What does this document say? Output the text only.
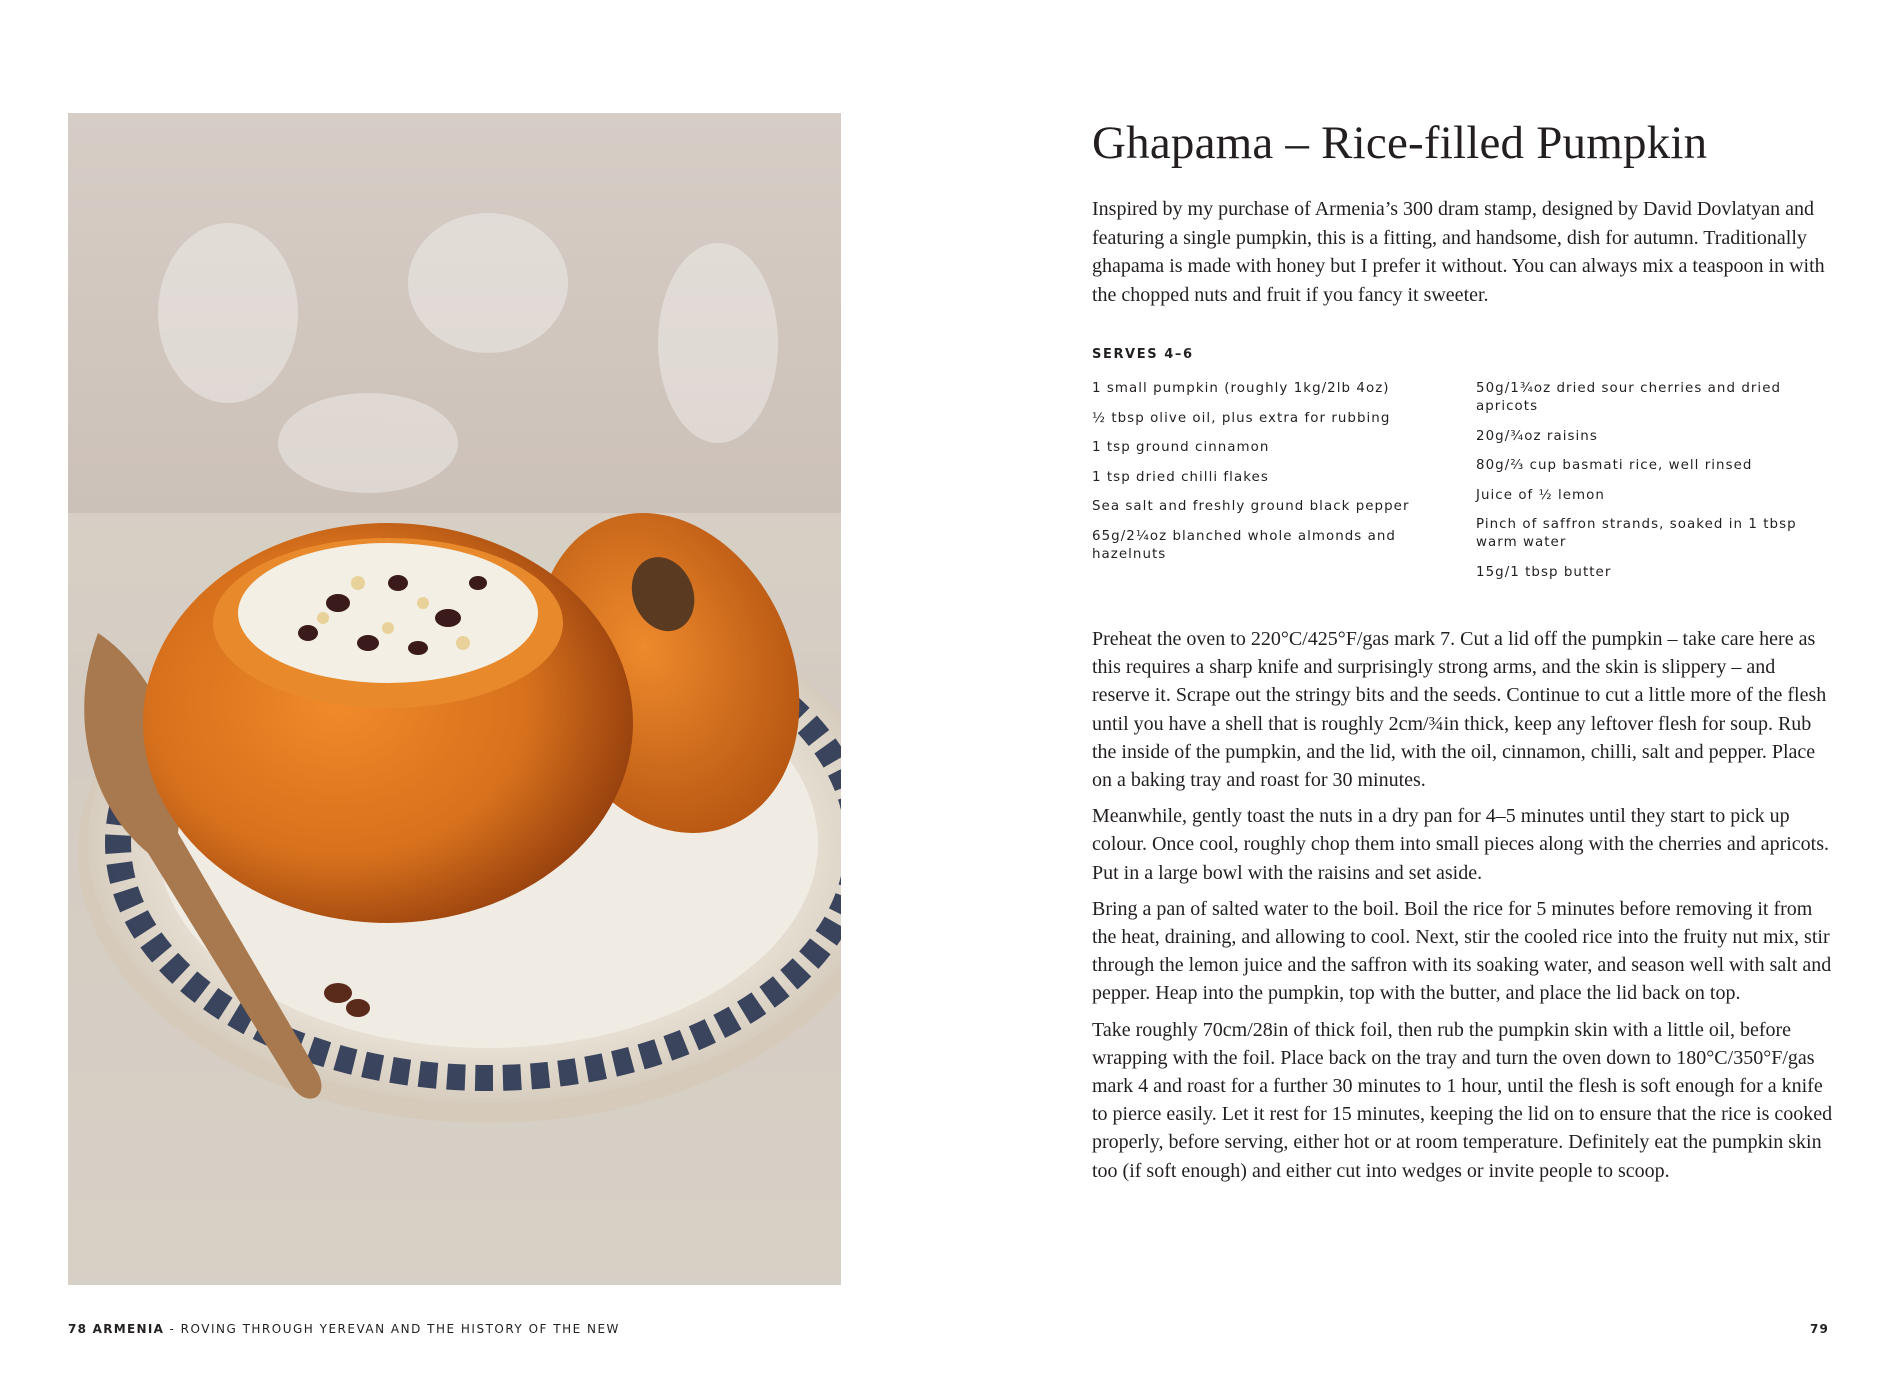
Ghapama – Rice-filled Pumpkin

Inspired by my purchase of Armenia’s 300 dram stamp, designed by David Dovlatyan and featuring a single pumpkin, this is a fitting, and handsome, dish for autumn. Traditionally ghapama is made with honey but I prefer it without. You can always mix a teaspoon in with the chopped nuts and fruit if you fancy it sweeter.

SERVES 4–6
1 small pumpkin (roughly 1kg/2lb 4oz)
½ tbsp olive oil, plus extra for rubbing
1 tsp ground cinnamon
1 tsp dried chilli flakes
Sea salt and freshly ground black pepper
65g/2¼oz blanched whole almonds and hazelnuts
50g/1¾oz dried sour cherries and dried apricots
20g/¾oz raisins
80g/⅔ cup basmati rice, well rinsed
Juice of ½ lemon
Pinch of saffron strands, soaked in 1 tbsp warm water
15g/1 tbsp butter

Preheat the oven to 220°C/425°F/gas mark 7. Cut a lid off the pumpkin – take care here as this requires a sharp knife and surprisingly strong arms, and the skin is slippery – and reserve it. Scrape out the stringy bits and the seeds. Continue to cut a little more of the flesh until you have a shell that is roughly 2cm/¾in thick, keep any leftover flesh for soup. Rub the inside of the pumpkin, and the lid, with the oil, cinnamon, chilli, salt and pepper. Place on a baking tray and roast for 30 minutes.

Meanwhile, gently toast the nuts in a dry pan for 4–5 minutes until they start to pick up colour. Once cool, roughly chop them into small pieces along with the cherries and apricots. Put in a large bowl with the raisins and set aside.

Bring a pan of salted water to the boil. Boil the rice for 5 minutes before removing it from the heat, draining, and allowing to cool. Next, stir the cooled rice into the fruity nut mix, stir through the lemon juice and the saffron with its soaking water, and season well with salt and pepper. Heap into the pumpkin, top with the butter, and place the lid back on top.

Take roughly 70cm/28in of thick foil, then rub the pumpkin skin with a little oil, before wrapping with the foil. Place back on the tray and turn the oven down to 180°C/350°F/gas mark 4 and roast for a further 30 minutes to 1 hour, until the flesh is soft enough for a knife to pierce easily. Let it rest for 15 minutes, keeping the lid on to ensure that the rice is cooked properly, before serving, either hot or at room temperature. Definitely eat the pumpkin skin too (if soft enough) and either cut into wedges or invite people to scoop.

78 ARMENIA - ROVING THROUGH YEREVAN AND THE HISTORY OF THE NEW	79
